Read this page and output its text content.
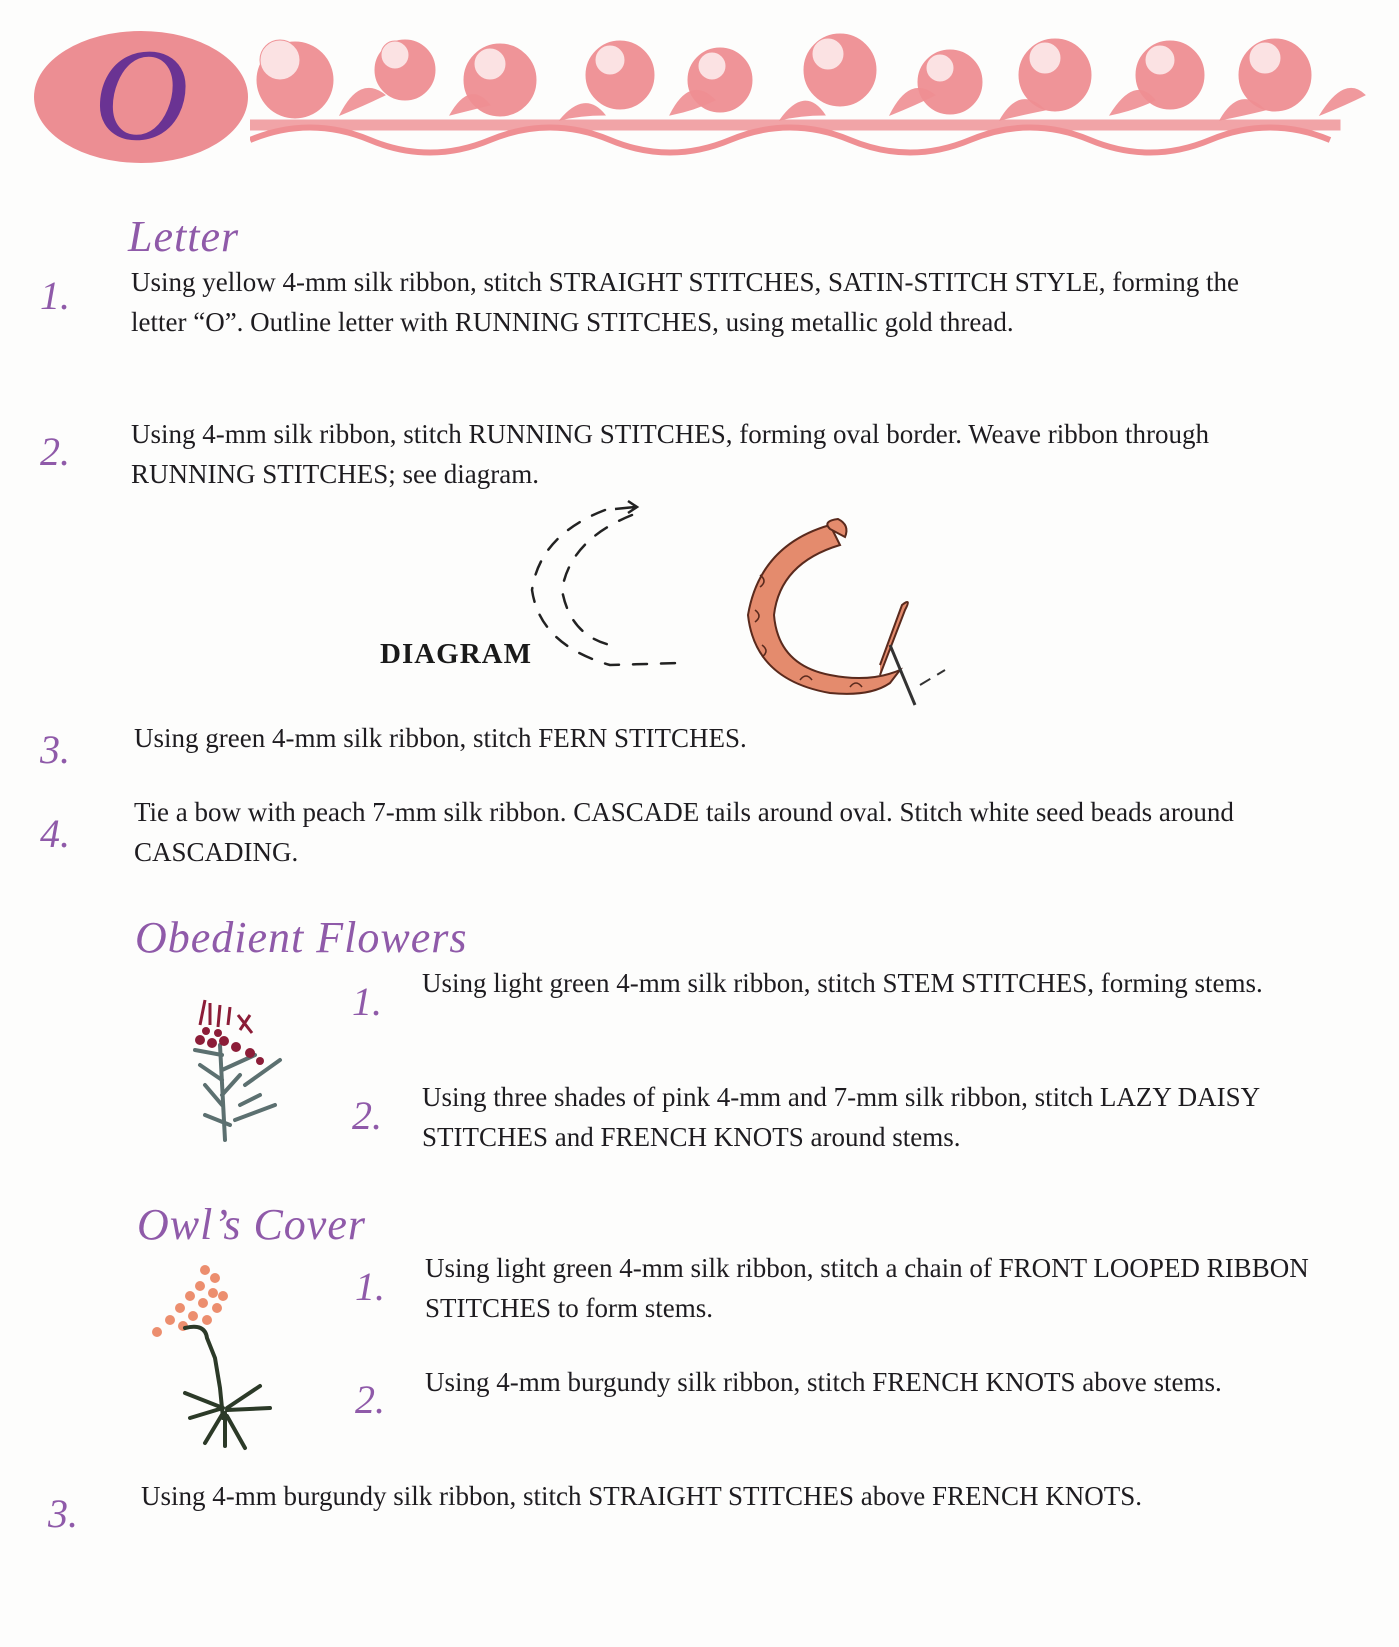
O
Letter
1.	Using yellow 4-mm silk ribbon, stitch STRAIGHT STITCHES, SATIN-STITCH STYLE, forming the letter “O”. Outline letter with RUNNING STITCHES, using metallic gold thread.
2.	Using 4-mm silk ribbon, stitch RUNNING STITCHES, forming oval border. Weave ribbon through RUNNING STITCHES; see diagram.
DIAGRAM
3.	Using green 4-mm silk ribbon, stitch FERN STITCHES.
4.	Tie a bow with peach 7-mm silk ribbon. CASCADE tails around oval. Stitch white seed beads around CASCADING.
Obedient Flowers
1.	Using light green 4-mm silk ribbon, stitch STEM STITCHES, forming stems.
2.	Using three shades of pink 4-mm and 7-mm silk ribbon, stitch LAZY DAISY STITCHES and FRENCH KNOTS around stems.
Owl’s Cover
1.	Using light green 4-mm silk ribbon, stitch a chain of FRONT LOOPED RIBBON STITCHES to form stems.
2.	Using 4-mm burgundy silk ribbon, stitch FRENCH KNOTS above stems.
3.	Using 4-mm burgundy silk ribbon, stitch STRAIGHT STITCHES above FRENCH KNOTS.
